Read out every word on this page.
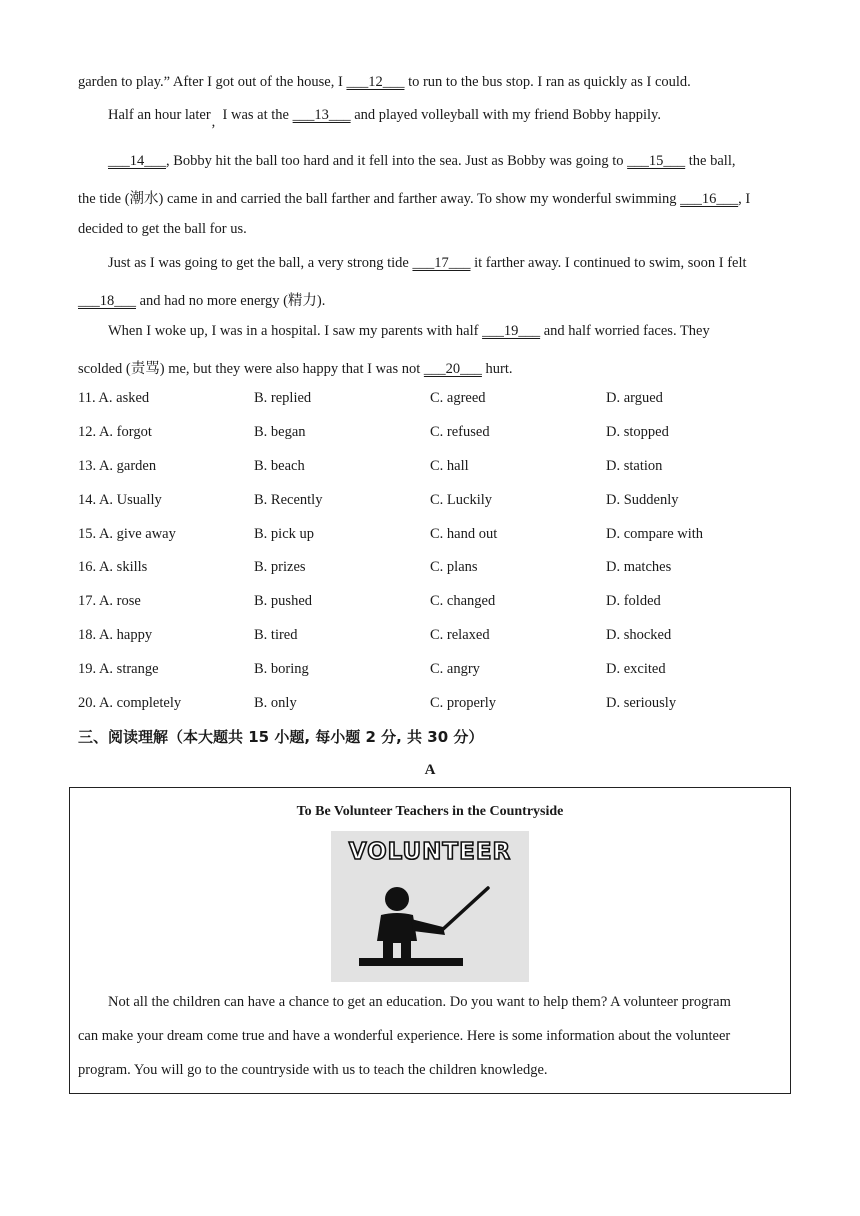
garden to play.” After I got out of the house, I ___12___ to run to the bus stop. I ran as quickly as I could.
Half an hour later,  I was at the ___13___ and played volleyball with my friend Bobby happily.
___14___, Bobby hit the ball too hard and it fell into the sea. Just as Bobby was going to ___15___ the ball,
the tide (潮水) came in and carried the ball farther and farther away. To show my wonderful swimming ___16___, I
decided to get the ball for us.
Just as I was going to get the ball, a very strong tide ___17___ it farther away. I continued to swim, soon I felt
___18___ and had no more energy (精力).
When I woke up, I was in a hospital. I saw my parents with half ___19___ and half worried faces. They
scolded (责骂) me, but they were also happy that I was not ___20___ hurt.
11. A. asked	B. replied	C. agreed	D. argued
12. A. forgot	B. began	C. refused	D. stopped
13. A. garden	B. beach	C. hall	D. station
14. A. Usually	B. Recently	C. Luckily	D. Suddenly
15. A. give away	B. pick up	C. hand out	D. compare with
16. A. skills	B. prizes	C. plans	D. matches
17. A. rose	B. pushed	C. changed	D. folded
18. A. happy	B. tired	C. relaxed	D. shocked
19. A. strange	B. boring	C. angry	D. excited
20. A. completely	B. only	C. properly	D. seriously
三、阅读理解（本大题共 15 小题, 每小题 2 分, 共 30 分）
A
To Be Volunteer Teachers in the Countryside
VOLUNTEER
Not all the children can have a chance to get an education. Do you want to help them? A volunteer program
can make your dream come true and have a wonderful experience. Here is some information about the volunteer
program. You will go to the countryside with us to teach the children knowledge.
